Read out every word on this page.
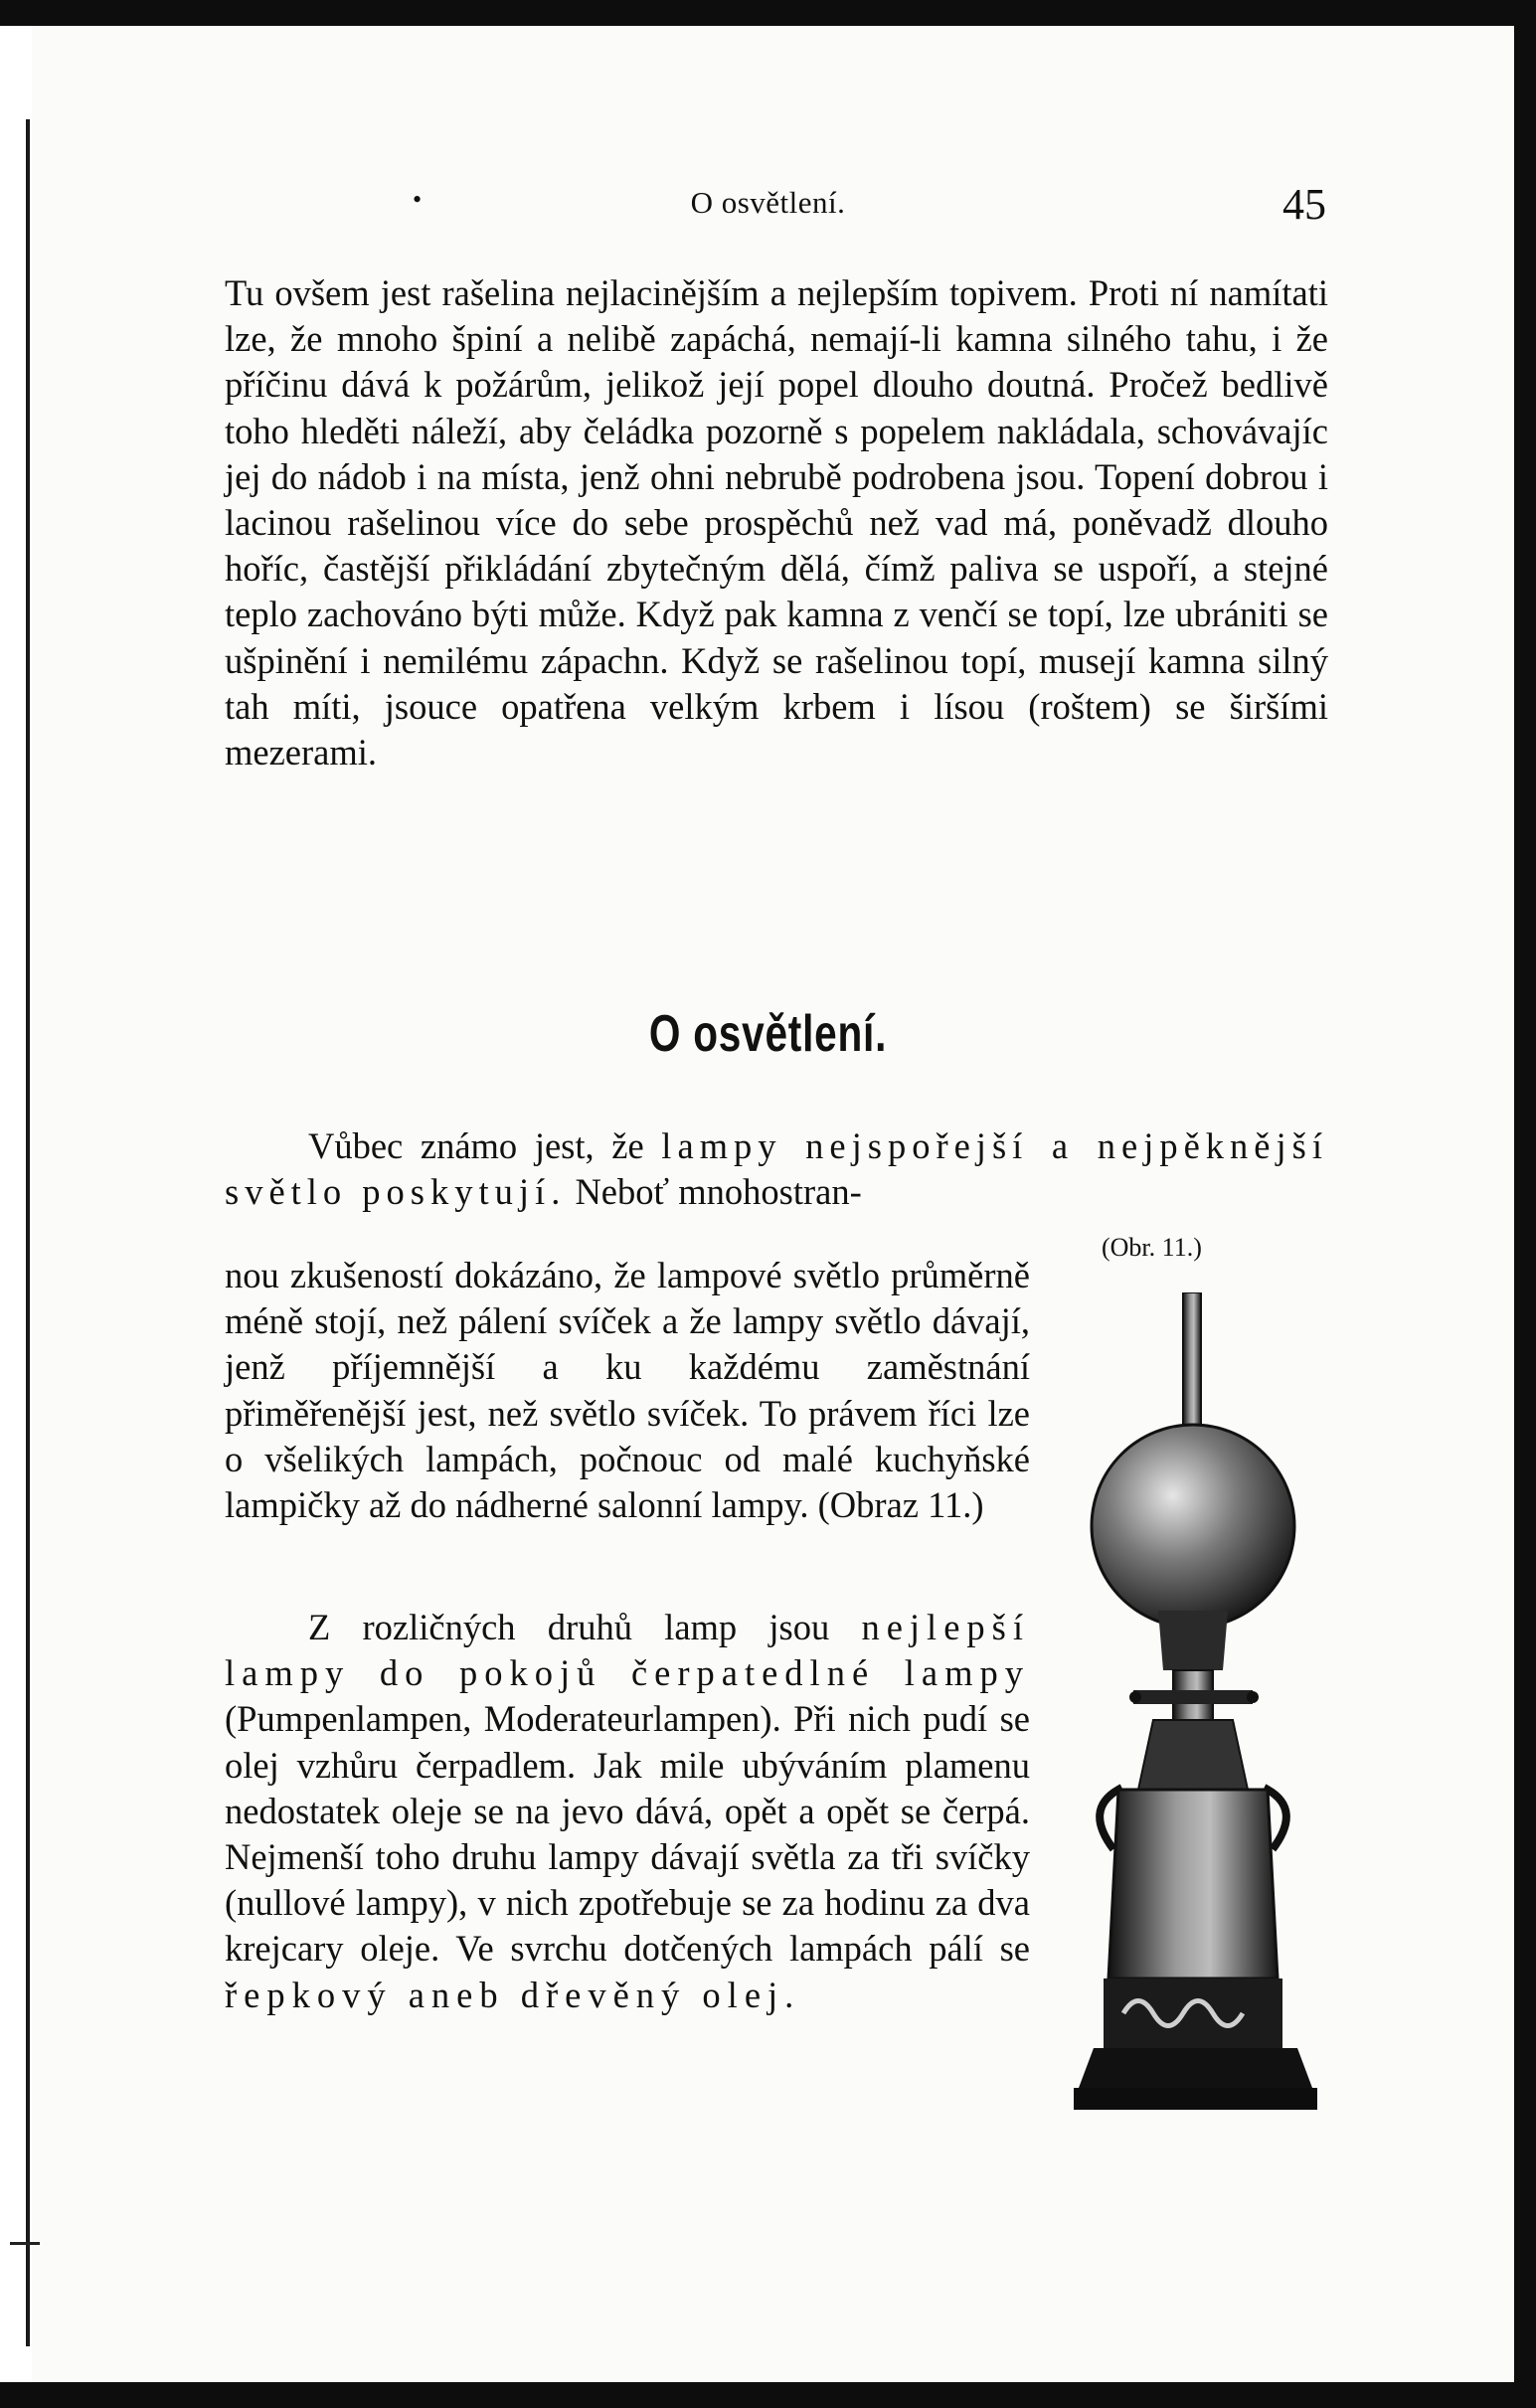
•	O osvětlení.	45

Tu ovšem jest rašelina nejlacinějším a nejlepším topivem. Proti ní namítati lze, že mnoho špiní a nelibě zapáchá, nemají-li kamna silného tahu, i že příčinu dává k požárům, jelikož její popel dlouho doutná. Pročež bedlivě toho hleděti náleží, aby čeládka pozorně s popelem nakládala, schovávajíc jej do nádob i na místa, jenž ohni nebrubě podrobena jsou. Topení dobrou i lacinou rašelinou více do sebe prospěchů než vad má, poněvadž dlouho hoříc, častější přikládání zbytečným dělá, čímž paliva se uspoří, a stejné teplo zachováno býti může. Když pak kamna z venčí se topí, lze ubrániti se ušpinění i nemilému zápachn. Když se rašelinou topí, musejí kamna silný tah míti, jsouce opatřena velkým krbem i lísou (roštem) se širšími mezerami.

O osvětlení.

Vůbec známo jest, že lampy nejspořejší a nejpěknější světlo poskytují. Neboť mnohostran-

nou zkušeností dokázáno, že lampové světlo průměrně méně stojí, než pálení svíček a že lampy světlo dávají, jenž příjemnější a ku každému zaměstnání přiměřenější jest, než světlo svíček. To právem říci lze o všelikých lampách, počnouc od malé kuchyňské lampičky až do nádherné salonní lampy. (Obraz 11.)

(Obr. 11.)

Z rozličných druhů lamp jsou nejlepší lampy do pokojů čerpatedlné lampy (Pumpenlampen, Moderateurlampen). Při nich pudí se olej vzhůru čerpadlem. Jak mile ubýváním plamenu nedostatek oleje se na jevo dává, opět a opět se čerpá. Nejmenší toho druhu lampy dávají světla za tři svíčky (nullové lampy), v nich zpotřebuje se za hodinu za dva krejcary oleje. Ve svrchu dotčených lampách pálí se řepkový aneb dřevěný olej.
